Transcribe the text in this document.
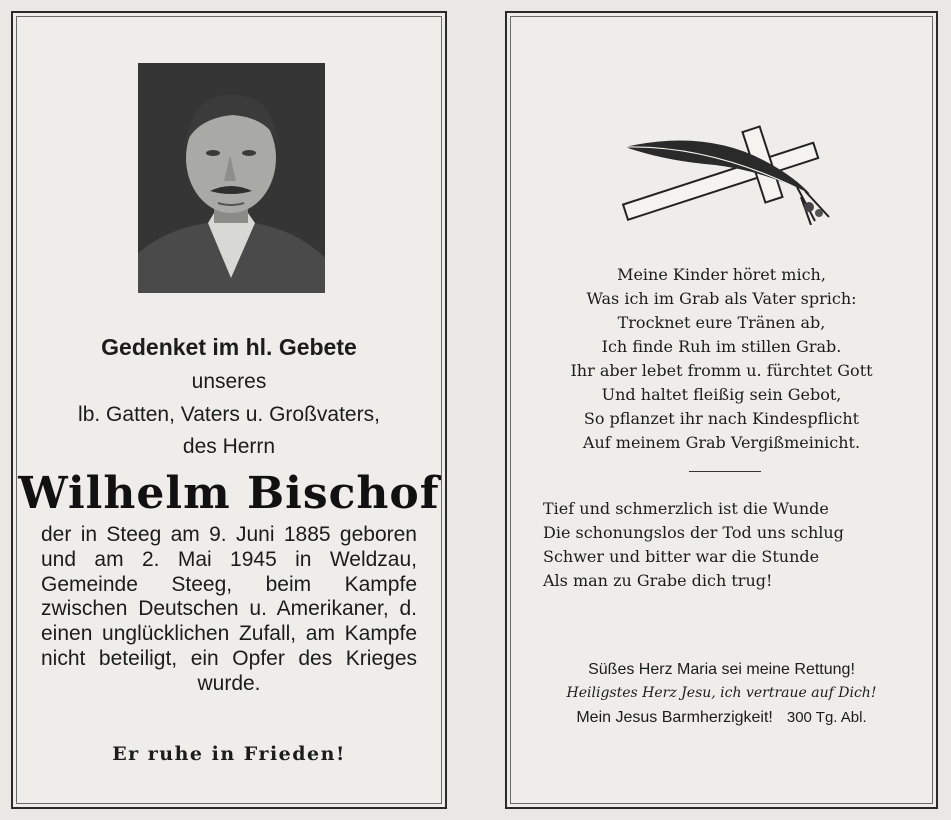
Gedenket im hl. Gebete
unseres
lb. Gatten, Vaters u. Großvaters,
des Herrn
Wilhelm Bischof
der in Steeg am 9. Juni 1885 geboren und am 2. Mai 1945 in Weldzau, Gemeinde Steeg, beim Kampfe zwischen Deutschen u. Amerikaner, d. einen unglücklichen Zufall, am Kampfe nicht beteiligt, ein Opfer des Krieges wurde.
Er ruhe in Frieden!
Meine Kinder höret mich,
Was ich im Grab als Vater sprich:
Trocknet eure Tränen ab,
Ich finde Ruh im stillen Grab.
Ihr aber lebet fromm u. fürchtet Gott
Und haltet fleißig sein Gebot,
So pflanzet ihr nach Kindespflicht
Auf meinem Grab Vergißmeinicht.
Tief und schmerzlich ist die Wunde
Die schonungslos der Tod uns schlug
Schwer und bitter war die Stunde
Als man zu Grabe dich trug!
Süßes Herz Maria sei meine Rettung!
Heiligstes Herz Jesu, ich vertraue auf Dich!
Mein Jesus Barmherzigkeit! 300 Tg. Abl.
